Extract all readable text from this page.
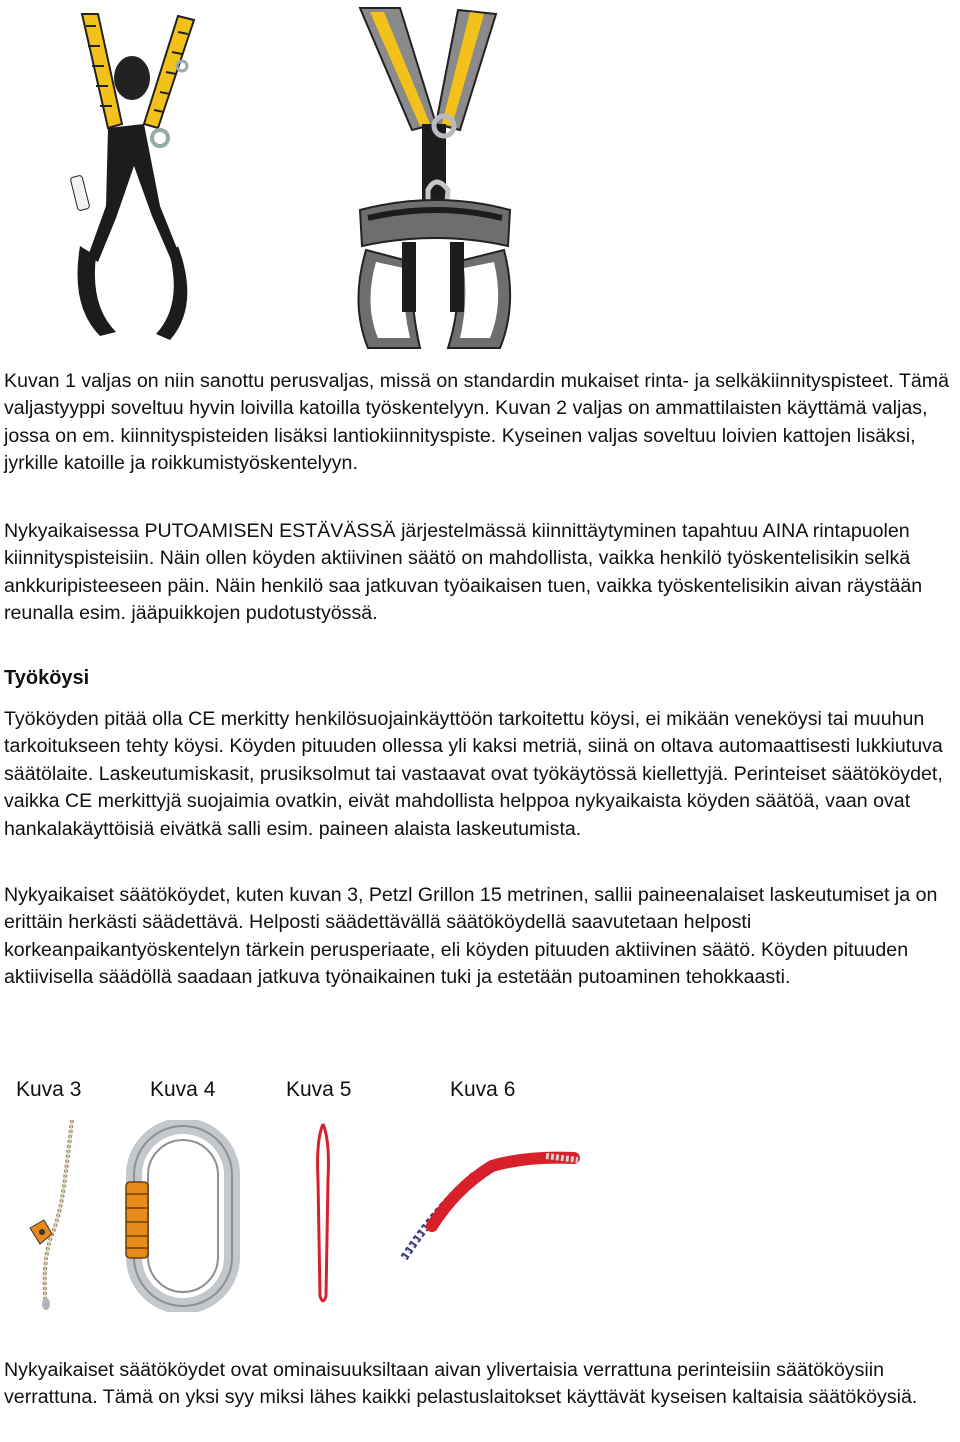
Kuvan 1 valjas on niin sanottu perusvaljas, missä on standardin mukaiset rinta- ja selkäkiinnityspisteet. Tämä valjastyyppi soveltuu hyvin loivilla katoilla työskentelyyn. Kuvan 2 valjas on ammattilaisten käyttämä valjas, jossa on em. kiinnityspisteiden lisäksi lantiokiinnityspiste. Kyseinen valjas soveltuu loivien kattojen lisäksi, jyrkille katoille ja roikkumistyöskentelyyn.

Nykyaikaisessa PUTOAMISEN ESTÄVÄSSÄ järjestelmässä kiinnittäytyminen tapahtuu AINA rintapuolen kiinnityspisteisiin. Näin ollen köyden aktiivinen säätö on mahdollista, vaikka henkilö työskentelisikin selkä ankkuripisteeseen päin. Näin henkilö saa jatkuvan työaikaisen tuen, vaikka työskentelisikin aivan räystään reunalla esim. jääpuikkojen pudotustyössä.

Työköysi

Työköyden pitää olla CE merkitty henkilösuojainkäyttöön tarkoitettu köysi, ei mikään veneköysi tai muuhun tarkoitukseen tehty köysi. Köyden pituuden ollessa yli kaksi metriä, siinä on oltava automaattisesti lukkiutuva säätölaite. Laskeutumiskasit, prusiksolmut tai vastaavat ovat työkäytössä kiellettyjä. Perinteiset säätököydet, vaikka CE merkittyjä suojaimia ovatkin, eivät mahdollista helppoa nykyaikaista köyden säätöä, vaan ovat hankalakäyttöisiä eivätkä salli esim. paineen alaista laskeutumista.

Nykyaikaiset säätököydet, kuten kuvan 3, Petzl Grillon 15 metrinen, sallii paineenalaiset laskeutumiset ja on erittäin herkästi säädettävä. Helposti säädettävällä säätököydellä saavutetaan helposti korkeanpaikantyöskentelyn tärkein perusperiaate, eli köyden pituuden aktiivinen säätö. Köyden pituuden aktiivisella säädöllä saadaan jatkuva työnaikainen tuki ja estetään putoaminen tehokkaasti.

Kuva 3	Kuva 4	Kuva 5	Kuva 6

Nykyaikaiset säätököydet ovat ominaisuuksiltaan aivan ylivertaisia verrattuna perinteisiin säätököysiin verrattuna. Tämä on yksi syy miksi lähes kaikki pelastuslaitokset käyttävät kyseisen kaltaisia säätököysiä.
